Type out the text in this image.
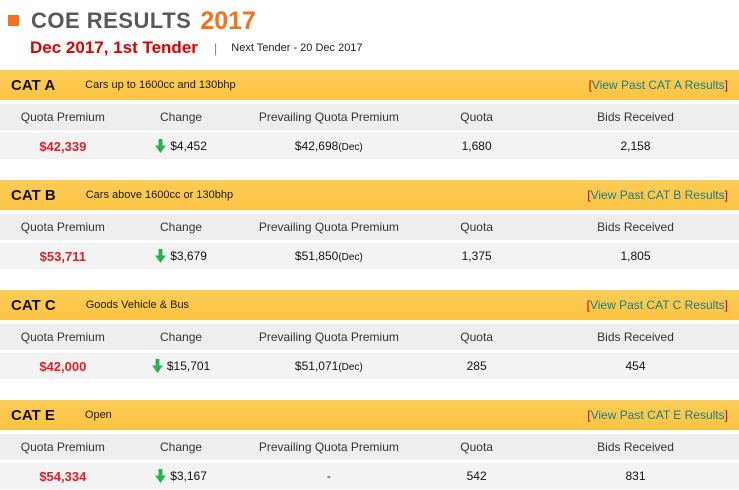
COE RESULTS 2017
Dec 2017, 1st Tender | Next Tender - 20 Dec 2017
CAT A	Cars up to 1600cc and 130bhp	[View Past CAT A Results]
Quota Premium	Change	Prevailing Quota Premium	Quota	Bids Received
$42,339	$4,452	$42,698(Dec)	1,680	2,158
CAT B	Cars above 1600cc or 130bhp	[View Past CAT B Results]
Quota Premium	Change	Prevailing Quota Premium	Quota	Bids Received
$53,711	$3,679	$51,850(Dec)	1,375	1,805
CAT C	Goods Vehicle & Bus	[View Past CAT C Results]
Quota Premium	Change	Prevailing Quota Premium	Quota	Bids Received
$42,000	$15,701	$51,071(Dec)	285	454
CAT E	Open	[View Past CAT E Results]
Quota Premium	Change	Prevailing Quota Premium	Quota	Bids Received
$54,334	$3,167	-	542	831
